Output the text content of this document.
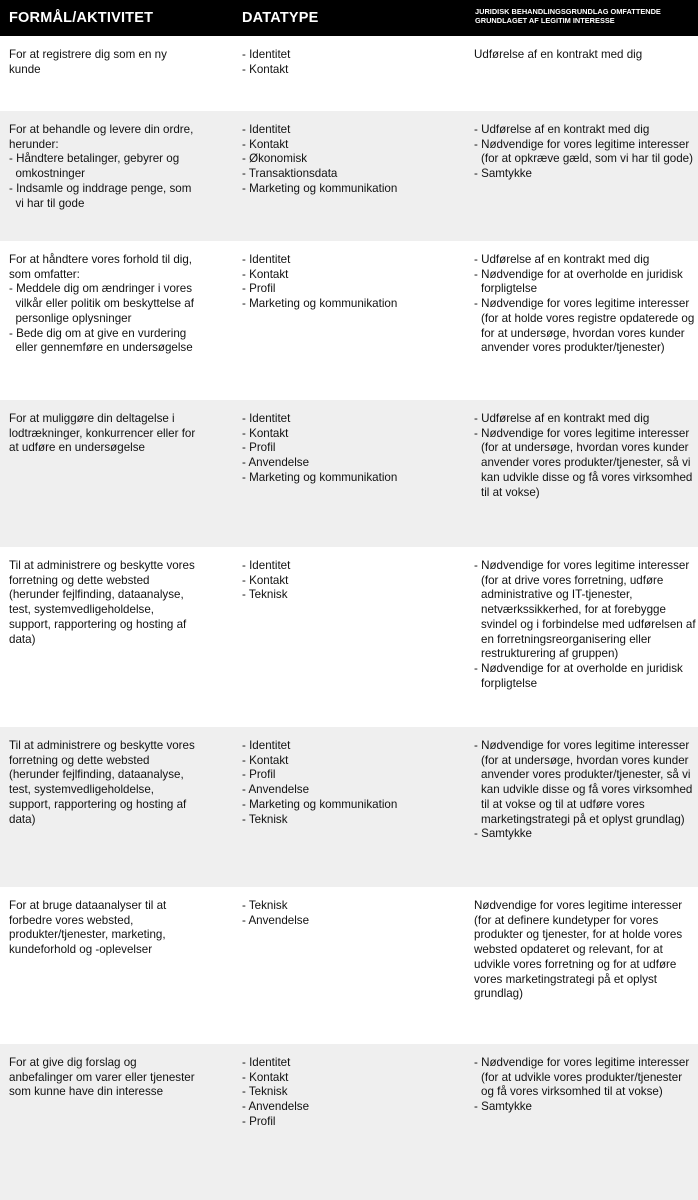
FORMÅL/AKTIVITET	DATATYPE	JURIDISK BEHANDLINGSGRUNDLAG OMFATTENDE
GRUNDLAGET AF LEGITIM INTERESSE
For at registrere dig som en ny
kunde
- Identitet
- Kontakt
Udførelse af en kontrakt med dig
For at behandle og levere din ordre,
herunder:
- Håndtere betalinger, gebyrer og
omkostninger
- Indsamle og inddrage penge, som
vi har til gode
- Identitet
- Kontakt
- Økonomisk
- Transaktionsdata
- Marketing og kommunikation
- Udførelse af en kontrakt med dig
- Nødvendige for vores legitime interesser (for at opkræve gæld, som vi har til gode)
- Samtykke
For at håndtere vores forhold til dig,
som omfatter:
- Meddele dig om ændringer i vores
vilkår eller politik om beskyttelse af
personlige oplysninger
- Bede dig om at give en vurdering
eller gennemføre en undersøgelse
- Identitet
- Kontakt
- Profil
- Marketing og kommunikation
- Udførelse af en kontrakt med dig
- Nødvendige for at overholde en juridisk forpligtelse
- Nødvendige for vores legitime interesser (for at holde vores registre opdaterede og for at undersøge, hvordan vores kunder anvender vores produkter/tjenester)
For at muliggøre din deltagelse i
lodtrækninger, konkurrencer eller for
at udføre en undersøgelse
- Identitet
- Kontakt
- Profil
- Anvendelse
- Marketing og kommunikation
- Udførelse af en kontrakt med dig
- Nødvendige for vores legitime interesser (for at undersøge, hvordan vores kunder anvender vores produkter/tjenester, så vi kan udvikle disse og få vores virksomhed til at vokse)
Til at administrere og beskytte vores
forretning og dette websted
(herunder fejlfinding, dataanalyse,
test, systemvedligeholdelse,
support, rapportering og hosting af
data)
- Identitet
- Kontakt
- Teknisk
- Nødvendige for vores legitime interesser (for at drive vores forretning, udføre administrative og IT-tjenester, netværkssikkerhed, for at forebygge svindel og i forbindelse med udførelsen af en forretningsreorganisering eller restrukturering af gruppen)
- Nødvendige for at overholde en juridisk forpligtelse
Til at administrere og beskytte vores
forretning og dette websted
(herunder fejlfinding, dataanalyse,
test, systemvedligeholdelse,
support, rapportering og hosting af
data)
- Identitet
- Kontakt
- Profil
- Anvendelse
- Marketing og kommunikation
- Teknisk
- Nødvendige for vores legitime interesser (for at undersøge, hvordan vores kunder anvender vores produkter/tjenester, så vi kan udvikle disse og få vores virksomhed til at vokse og til at udføre vores marketingstrategi på et oplyst grundlag)
- Samtykke
For at bruge dataanalyser til at
forbedre vores websted,
produkter/tjenester, marketing,
kundeforhold og -oplevelser
- Teknisk
- Anvendelse
Nødvendige for vores legitime interesser (for at definere kundetyper for vores produkter og tjenester, for at holde vores websted opdateret og relevant, for at udvikle vores forretning og for at udføre vores marketingstrategi på et oplyst grundlag)
For at give dig forslag og
anbefalinger om varer eller tjenester
som kunne have din interesse
- Identitet
- Kontakt
- Teknisk
- Anvendelse
- Profil
- Nødvendige for vores legitime interesser (for at udvikle vores produkter/tjenester og få vores virksomhed til at vokse)
- Samtykke
